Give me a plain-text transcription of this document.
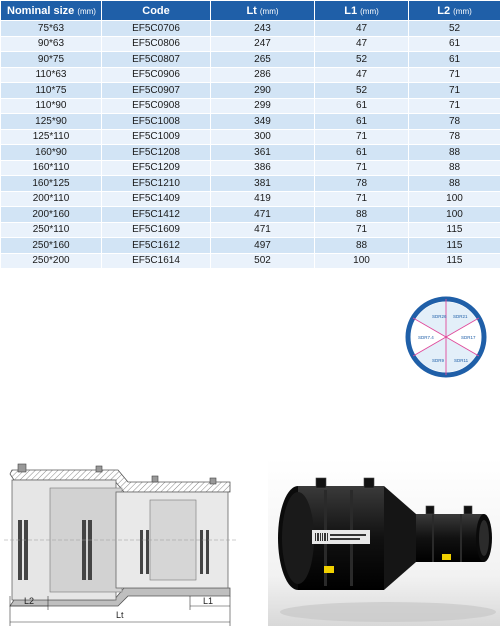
Nominal size (mm)	Code	Lt (mm)	L1 (mm)	L2 (mm)
75*63	EF5C0706	243	47	52
90*63	EF5C0806	247	47	61
90*75	EF5C0807	265	52	61
110*63	EF5C0906	286	47	71
110*75	EF5C0907	290	52	71
110*90	EF5C0908	299	61	71
125*90	EF5C1008	349	61	78
125*110	EF5C1009	300	71	78
160*90	EF5C1208	361	61	88
160*110	EF5C1209	386	71	88
160*125	EF5C1210	381	78	88
200*110	EF5C1409	419	71	100
200*160	EF5C1412	471	88	100
250*110	EF5C1609	471	71	115
250*160	EF5C1612	497	88	115
250*200	EF5C1614	502	100	115
SDR26 SDR21
SDR17
SDR11
SDR9
SDR7.4
L2	L1
Lt
